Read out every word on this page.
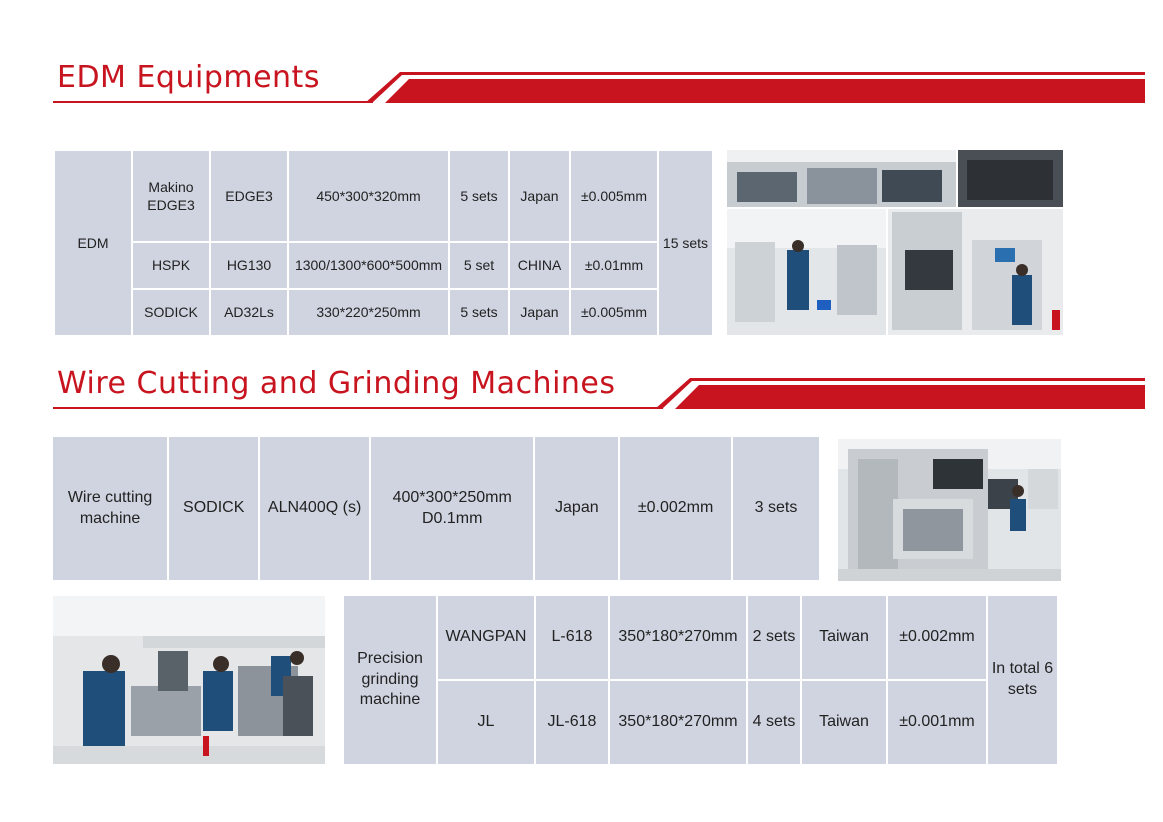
EDM Equipments
EDM	Makino EDGE3	EDGE3	450*300*320mm	5 sets	Japan	±0.005mm	15 sets
	HSPK	HG130	1300/1300*600*500mm	5 set	CHINA	±0.01mm	
	SODICK	AD32Ls	330*220*250mm	5 sets	Japan	±0.005mm	
Wire Cutting and Grinding Machines
Wire cutting machine	SODICK	ALN400Q (s)	400*300*250mm D0.1mm	Japan	±0.002mm	3 sets	
Precision grinding machine	WANGPAN	L-618	350*180*270mm	2 sets	Taiwan	±0.002mm	In total 6 sets
	JL	JL-618	350*180*270mm	4 sets	Taiwan	±0.001mm	
